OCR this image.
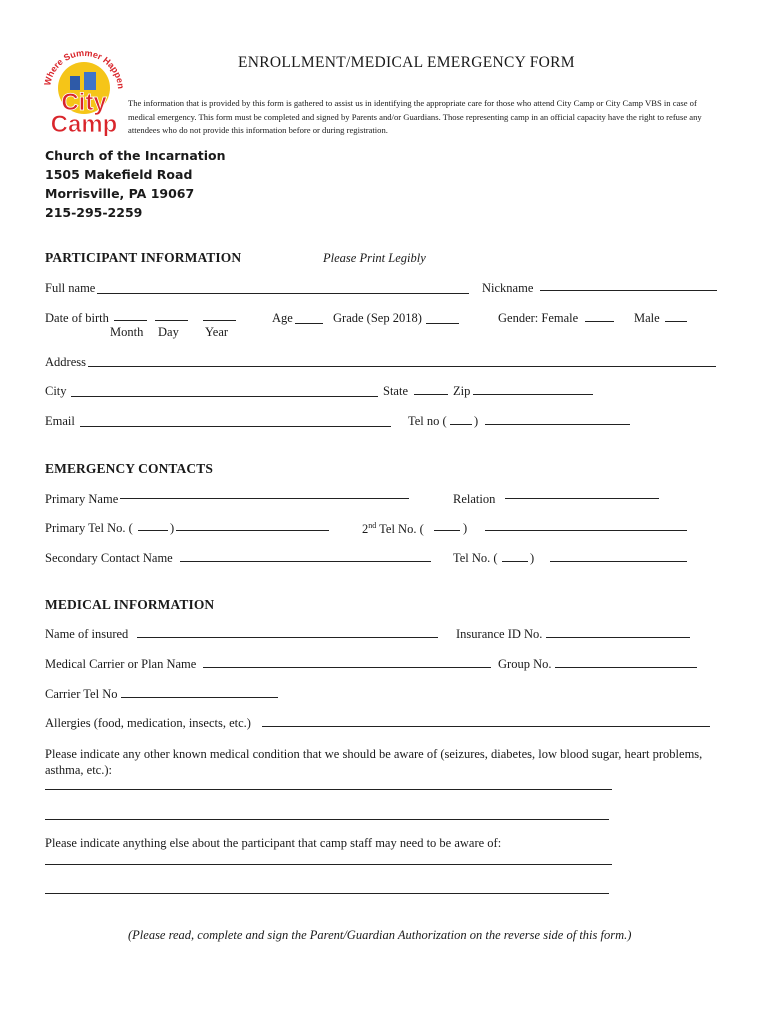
Where Summer Happen
City
Camp
ENROLLMENT/MEDICAL EMERGENCY FORM
The information that is provided by this form is gathered to assist us in identifying the appropriate care for those who attend City Camp or City Camp VBS in case of medical emergency. This form must be completed and signed by Parents and/or Guardians. Those representing camp in an official capacity have the right to refuse any attendees who do not provide this information before or during registration.
Church of the Incarnation
1505 Makefield Road
Morrisville, PA 19067
215-295-2259
PARTICIPANT INFORMATION	Please Print Legibly
Full name	Nickname
Date of birth
Month Day Year
Age	Grade (Sep 2018)	Gender: Female	Male
Address
City	State	Zip
Email	Tel no ( )
EMERGENCY CONTACTS
Primary Name	Relation
Primary Tel No. (	)	2nd Tel No. (	)
Secondary Contact Name	Tel No. (	)
MEDICAL INFORMATION
Name of insured	Insurance ID No.
Medical Carrier or Plan Name	Group No.
Carrier Tel No
Allergies (food, medication, insects, etc.)
Please indicate any other known medical condition that we should be aware of (seizures, diabetes, low blood sugar, heart problems, asthma, etc.):
Please indicate anything else about the participant that camp staff may need to be aware of:
(Please read, complete and sign the Parent/Guardian Authorization on the reverse side of this form.)
